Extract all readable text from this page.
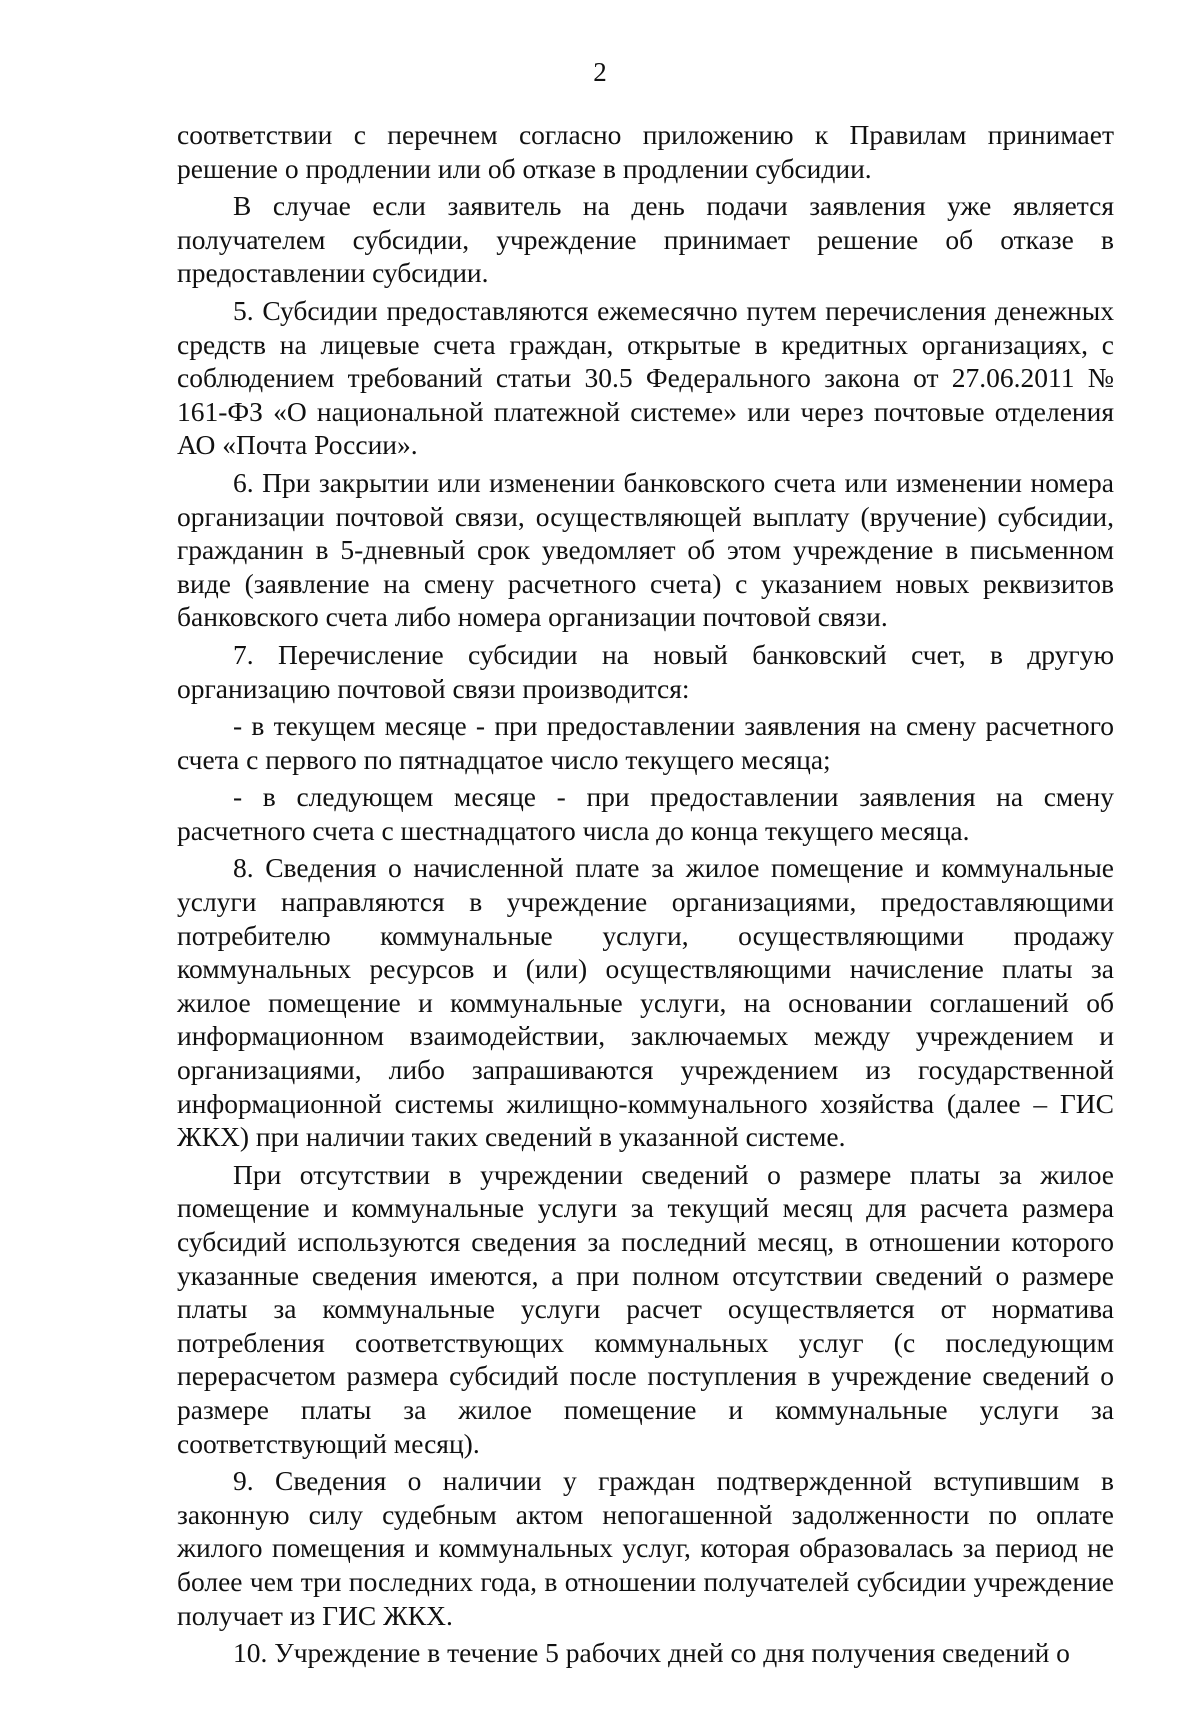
2

соответствии с перечнем согласно приложению к Правилам принимает решение о продлении или об отказе в продлении субсидии.

В случае если заявитель на день подачи заявления уже является получателем субсидии, учреждение принимает решение об отказе в предоставлении субсидии.

5. Субсидии предоставляются ежемесячно путем перечисления денежных средств на лицевые счета граждан, открытые в кредитных организациях, с соблюдением требований статьи 30.5 Федерального закона от 27.06.2011 № 161-ФЗ «О национальной платежной системе» или через почтовые отделения АО «Почта России».

6. При закрытии или изменении банковского счета или изменении номера организации почтовой связи, осуществляющей выплату (вручение) субсидии, гражданин в 5-дневный срок уведомляет об этом учреждение в письменном виде (заявление на смену расчетного счета) с указанием новых реквизитов банковского счета либо номера организации почтовой связи.

7. Перечисление субсидии на новый банковский счет, в другую организацию почтовой связи производится:

- в текущем месяце - при предоставлении заявления на смену расчетного счета с первого по пятнадцатое число текущего месяца;

- в следующем месяце - при предоставлении заявления на смену расчетного счета с шестнадцатого числа до конца текущего месяца.

8. Сведения о начисленной плате за жилое помещение и коммунальные услуги направляются в учреждение организациями, предоставляющими потребителю коммунальные услуги, осуществляющими продажу коммунальных ресурсов и (или) осуществляющими начисление платы за жилое помещение и коммунальные услуги, на основании соглашений об информационном взаимодействии, заключаемых между учреждением и организациями, либо запрашиваются учреждением из государственной информационной системы жилищно-коммунального хозяйства (далее – ГИС ЖКХ) при наличии таких сведений в указанной системе.

При отсутствии в учреждении сведений о размере платы за жилое помещение и коммунальные услуги за текущий месяц для расчета размера субсидий используются сведения за последний месяц, в отношении которого указанные сведения имеются, а при полном отсутствии сведений о размере платы за коммунальные услуги расчет осуществляется от норматива потребления соответствующих коммунальных услуг (с последующим перерасчетом размера субсидий после поступления в учреждение сведений о размере платы за жилое помещение и коммунальные услуги за соответствующий месяц).

9. Сведения о наличии у граждан подтвержденной вступившим в законную силу судебным актом непогашенной задолженности по оплате жилого помещения и коммунальных услуг, которая образовалась за период не более чем три последних года, в отношении получателей субсидии учреждение получает из ГИС ЖКХ.

10. Учреждение в течение 5 рабочих дней со дня получения сведений о
